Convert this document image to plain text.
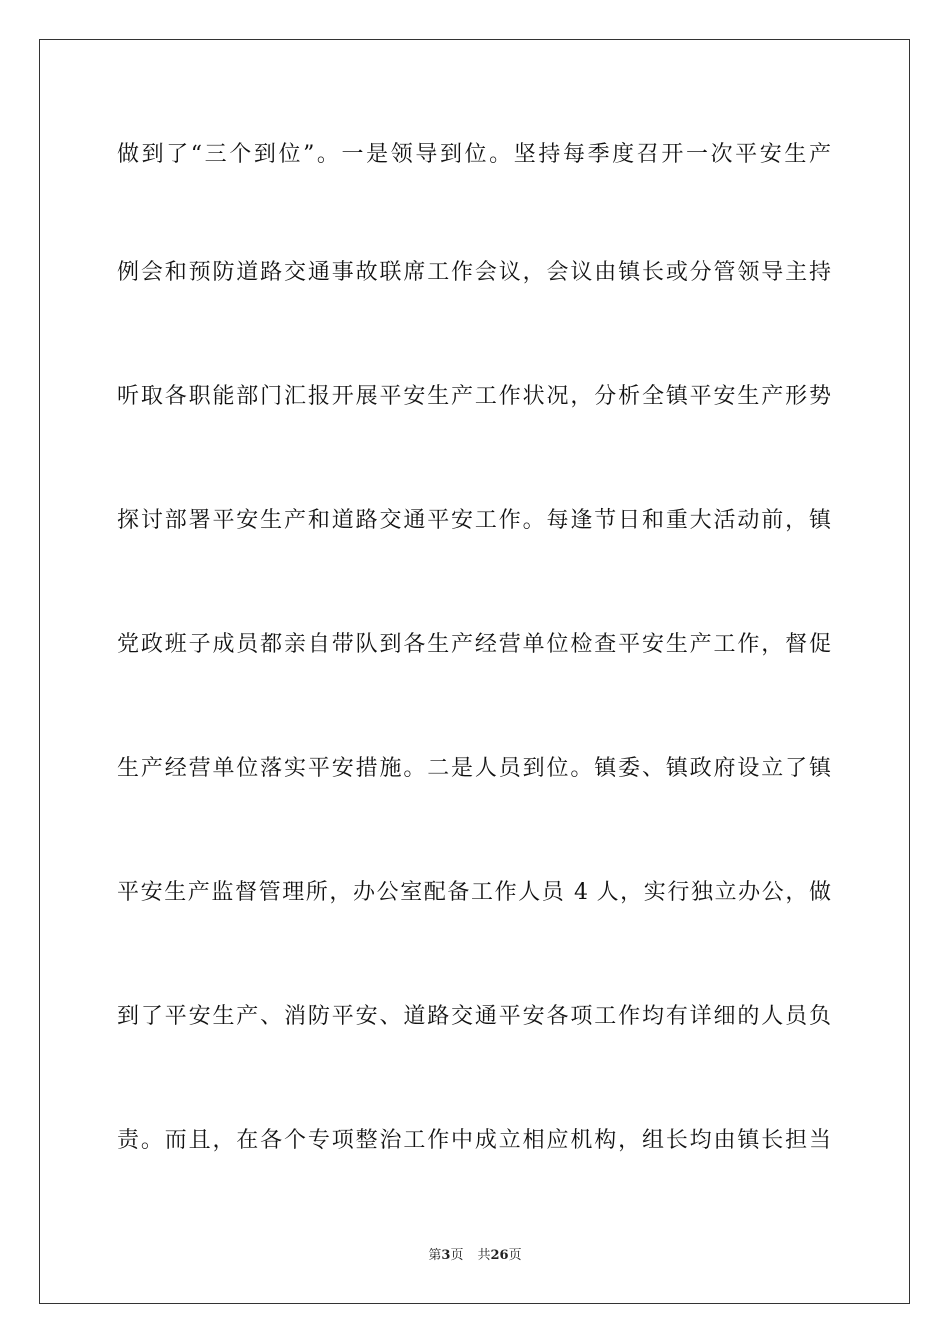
做到了“三个到位”。一是领导到位。坚持每季度召开一次平安生产
例会和预防道路交通事故联席工作会议，会议由镇长或分管领导主持
听取各职能部门汇报开展平安生产工作状况，分析全镇平安生产形势
探讨部署平安生产和道路交通平安工作。每逢节日和重大活动前，镇
党政班子成员都亲自带队到各生产经营单位检查平安生产工作，督促
生产经营单位落实平安措施。二是人员到位。镇委、镇政府设立了镇
平安生产监督管理所，办公室配备工作人员 4 人，实行独立办公，做
到了平安生产、消防平安、道路交通平安各项工作均有详细的人员负
责。而且，在各个专项整治工作中成立相应机构，组长均由镇长担当
第3页 共26页
